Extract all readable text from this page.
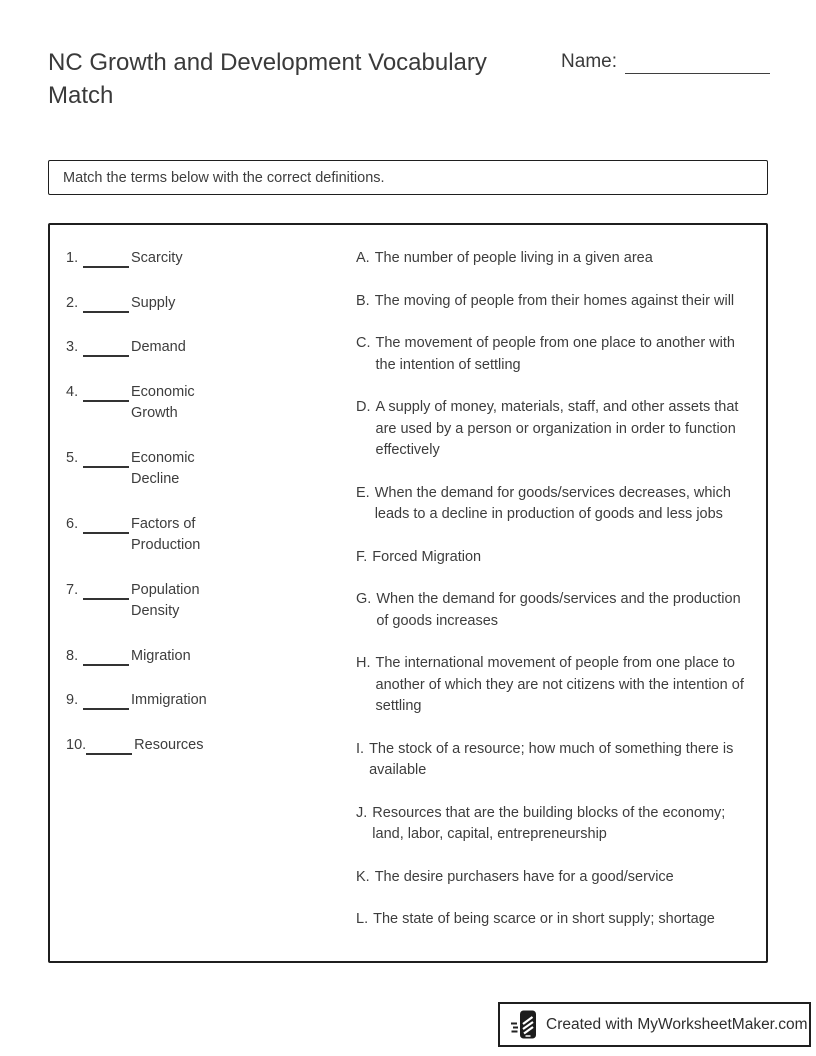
NC Growth and Development Vocabulary Match
Name:
Match the terms below with the correct definitions.
1.	Scarcity
2.	Supply
3.	Demand
4.	Economic Growth
5.	Economic Decline
6.	Factors of Production
7.	Population Density
8.	Migration
9.	Immigration
10.	Resources
A. The number of people living in a given area
B. The moving of people from their homes against their will
C. The movement of people from one place to another with the intention of settling
D. A supply of money, materials, staff, and other assets that are used by a person or organization in order to function effectively
E. When the demand for goods/services decreases, which leads to a decline in production of goods and less jobs
F. Forced Migration
G. When the demand for goods/services and the production of goods increases
H. The international movement of people from one place to another of which they are not citizens with the intention of settling
I. The stock of a resource; how much of something there is available
J. Resources that are the building blocks of the economy; land, labor, capital, entrepreneurship
K. The desire purchasers have for a good/service
L. The state of being scarce or in short supply; shortage
Created with MyWorksheetMaker.com
